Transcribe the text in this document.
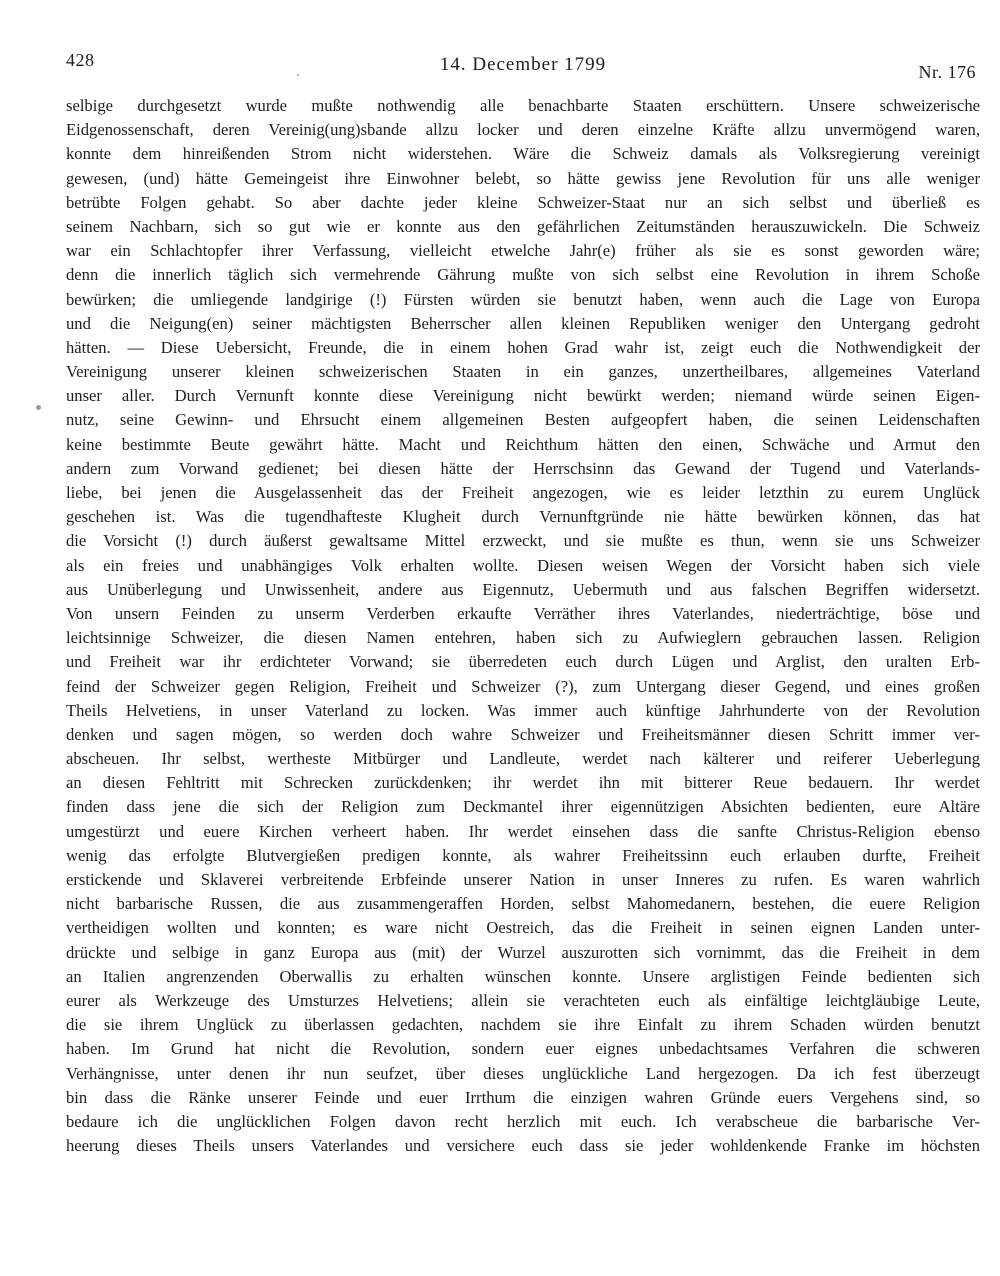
428	14. December 1799	Nr. 176
selbige durchgesetzt wurde mußte nothwendig alle benachbarte Staaten erschüttern. Unsere schweizerische
Eidgenossenschaft, deren Vereinig(ung)sbande allzu locker und deren einzelne Kräfte allzu unvermögend waren,
konnte dem hinreißenden Strom nicht widerstehen. Wäre die Schweiz damals als Volksregierung vereinigt
gewesen, (und) hätte Gemeingeist ihre Einwohner belebt, so hätte gewiss jene Revolution für uns alle weniger
betrübte Folgen gehabt. So aber dachte jeder kleine Schweizer-Staat nur an sich selbst und überließ es
seinem Nachbarn, sich so gut wie er konnte aus den gefährlichen Zeitumständen herauszuwickeln. Die Schweiz
war ein Schlachtopfer ihrer Verfassung, vielleicht etwelche Jahr(e) früher als sie es sonst geworden wäre;
denn die innerlich täglich sich vermehrende Gährung mußte von sich selbst eine Revolution in ihrem Schoße
bewürken; die umliegende landgirige (!) Fürsten würden sie benutzt haben, wenn auch die Lage von Europa
und die Neigung(en) seiner mächtigsten Beherrscher allen kleinen Republiken weniger den Untergang gedroht
hätten. — Diese Uebersicht, Freunde, die in einem hohen Grad wahr ist, zeigt euch die Nothwendigkeit der
Vereinigung unserer kleinen schweizerischen Staaten in ein ganzes, unzertheilbares, allgemeines Vaterland
unser aller. Durch Vernunft konnte diese Vereinigung nicht bewürkt werden; niemand würde seinen Eigen-
nutz, seine Gewinn- und Ehrsucht einem allgemeinen Besten aufgeopfert haben, die seinen Leidenschaften
keine bestimmte Beute gewährt hätte. Macht und Reichthum hätten den einen, Schwäche und Armut den
andern zum Vorwand gedienet; bei diesen hätte der Herrschsinn das Gewand der Tugend und Vaterlands-
liebe, bei jenen die Ausgelassenheit das der Freiheit angezogen, wie es leider letzthin zu eurem Unglück
geschehen ist. Was die tugendhafteste Klugheit durch Vernunftgründe nie hätte bewürken können, das hat
die Vorsicht (!) durch äußerst gewaltsame Mittel erzweckt, und sie mußte es thun, wenn sie uns Schweizer
als ein freies und unabhängiges Volk erhalten wollte. Diesen weisen Wegen der Vorsicht haben sich viele
aus Unüberlegung und Unwissenheit, andere aus Eigennutz, Uebermuth und aus falschen Begriffen widersetzt.
Von unsern Feinden zu unserm Verderben erkaufte Verräther ihres Vaterlandes, niederträchtige, böse und
leichtsinnige Schweizer, die diesen Namen entehren, haben sich zu Aufwieglern gebrauchen lassen. Religion
und Freiheit war ihr erdichteter Vorwand; sie überredeten euch durch Lügen und Arglist, den uralten Erb-
feind der Schweizer gegen Religion, Freiheit und Schweizer (?), zum Untergang dieser Gegend, und eines großen
Theils Helvetiens, in unser Vaterland zu locken. Was immer auch künftige Jahrhunderte von der Revolution
denken und sagen mögen, so werden doch wahre Schweizer und Freiheitsmänner diesen Schritt immer ver-
abscheuen. Ihr selbst, wertheste Mitbürger und Landleute, werdet nach kälterer und reiferer Ueberlegung
an diesen Fehltritt mit Schrecken zurückdenken; ihr werdet ihn mit bitterer Reue bedauern. Ihr werdet
finden dass jene die sich der Religion zum Deckmantel ihrer eigennützigen Absichten bedienten, eure Altäre
umgestürzt und euere Kirchen verheert haben. Ihr werdet einsehen dass die sanfte Christus-Religion ebenso
wenig das erfolgte Blutvergießen predigen konnte, als wahrer Freiheitssinn euch erlauben durfte, Freiheit
erstickende und Sklaverei verbreitende Erbfeinde unserer Nation in unser Inneres zu rufen. Es waren wahrlich
nicht barbarische Russen, die aus zusammengeraffen Horden, selbst Mahomedanern, bestehen, die euere Religion
vertheidigen wollten und konnten; es ware nicht Oestreich, das die Freiheit in seinen eignen Landen unter-
drückte und selbige in ganz Europa aus (mit) der Wurzel auszurotten sich vornimmt, das die Freiheit in dem
an Italien angrenzenden Oberwallis zu erhalten wünschen konnte. Unsere arglistigen Feinde bedienten sich
eurer als Werkzeuge des Umsturzes Helvetiens; allein sie verachteten euch als einfältige leichtgläubige Leute,
die sie ihrem Unglück zu überlassen gedachten, nachdem sie ihre Einfalt zu ihrem Schaden würden benutzt
haben. Im Grund hat nicht die Revolution, sondern euer eignes unbedachtsames Verfahren die schweren
Verhängnisse, unter denen ihr nun seufzet, über dieses unglückliche Land hergezogen. Da ich fest überzeugt
bin dass die Ränke unserer Feinde und euer Irrthum die einzigen wahren Gründe euers Vergehens sind, so
bedaure ich die unglücklichen Folgen davon recht herzlich mit euch. Ich verabscheue die barbarische Ver-
heerung dieses Theils unsers Vaterlandes und versichere euch dass sie jeder wohldenkende Franke im höchsten
